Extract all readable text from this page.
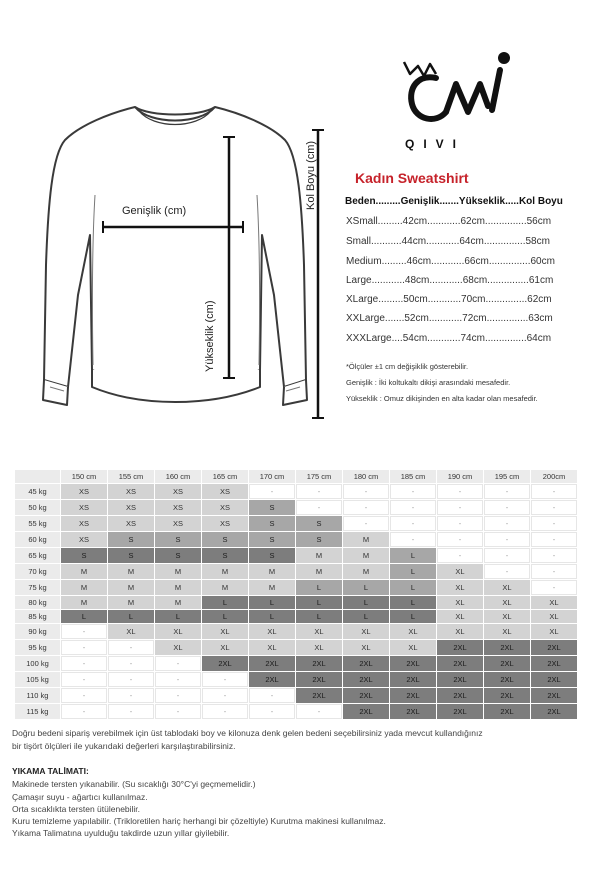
Genişlik (cm)
Yükseklik (cm)
Kol Boyu (cm)	QIVI
Kadın Sweatshirt
Beden.........Genişlik.......Yükseklik.....Kol Boyu
XSmall.........42cm............62cm...............56cm
Small...........44cm............64cm...............58cm
Medium.........46cm............66cm...............60cm
Large............48cm............68cm...............61cm
XLarge.........50cm............70cm...............62cm
XXLarge.......52cm............72cm...............63cm
XXXLarge....54cm............74cm...............64cm
*Ölçüler ±1 cm değişiklik gösterebilir.
Genişlik : İki koltukaltı dikişi arasındaki mesafedir.
Yükseklik : Omuz dikişinden en alta kadar olan mesafedir.
	150 cm	155 cm	160 cm	165 cm	170 cm	175 cm	180 cm	185 cm	190 cm	195 cm	200cm
45 kg	XS	XS	XS	XS	-	-	-	-	-	-	-
50 kg	XS	XS	XS	XS	S	-	-	-	-	-	-
55 kg	XS	XS	XS	XS	S	S	-	-	-	-	-
60 kg	XS	S	S	S	S	S	M	-	-	-	-
65 kg	S	S	S	S	S	M	M	L	-	-	-
70 kg	M	M	M	M	M	M	M	L	XL	-	-
75 kg	M	M	M	M	M	L	L	L	XL	XL	-
80 kg	M	M	M	L	L	L	L	L	XL	XL	XL
85 kg	L	L	L	L	L	L	L	L	XL	XL	XL
90 kg	-	XL	XL	XL	XL	XL	XL	XL	XL	XL	XL
95 kg	-	-	XL	XL	XL	XL	XL	XL	2XL	2XL	2XL
100 kg	-	-	-	2XL	2XL	2XL	2XL	2XL	2XL	2XL	2XL
105 kg	-	-	-	-	2XL	2XL	2XL	2XL	2XL	2XL	2XL
110 kg	-	-	-	-	-	2XL	2XL	2XL	2XL	2XL	2XL
115 kg	-	-	-	-	-	-	2XL	2XL	2XL	2XL	2XL
Doğru bedeni sipariş verebilmek için üst tablodaki boy ve kilonuza denk gelen bedeni seçebilirsiniz yada mevcut kullandığınız
bir tişört ölçüleri ile yukarıdaki değerleri karşılaştırabilirsiniz.
YIKAMA TALİMATI:
Makinede tersten yıkanabilir. (Su sıcaklığı 30°C'yi geçmemelidir.)
Çamaşır suyu - ağartıcı kullanılmaz.
Orta sıcaklıkta tersten ütülenebilir.
Kuru temizleme yapılabilir. (Trikloretilen hariç herhangi bir çözeltiyle) Kurutma makinesi kullanılmaz.
Yıkama Talimatına uyulduğu takdirde uzun yıllar giyilebilir.
